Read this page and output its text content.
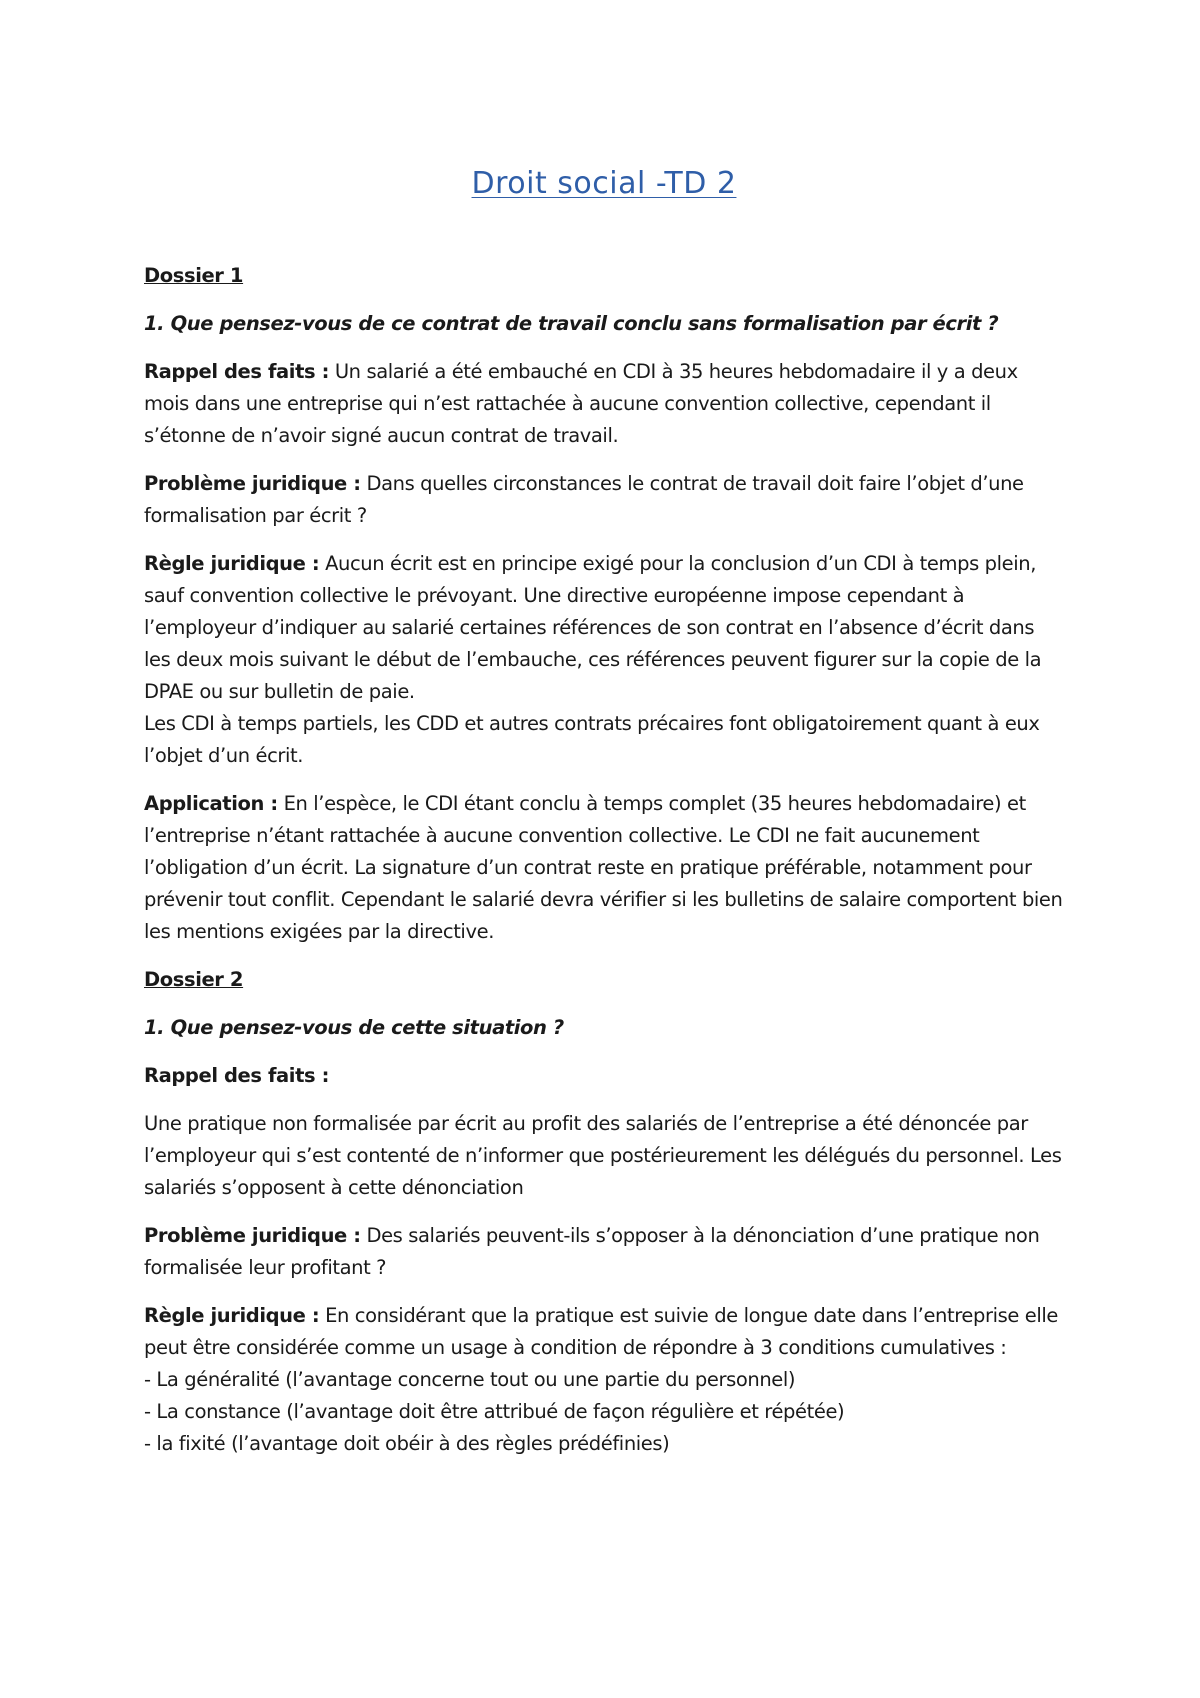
Droit social -TD 2

Dossier 1

1. Que pensez-vous de ce contrat de travail conclu sans formalisation par écrit ?

Rappel des faits : Un salarié a été embauché en CDI à 35 heures hebdomadaire il y a deux mois dans une entreprise qui n’est rattachée à aucune convention collective, cependant il s’étonne de n’avoir signé aucun contrat de travail.

Problème juridique : Dans quelles circonstances le contrat de travail doit faire l’objet d’une formalisation par écrit ?

Règle juridique : Aucun écrit est en principe exigé pour la conclusion d’un CDI à temps plein, sauf convention collective le prévoyant. Une directive européenne impose cependant à l’employeur d’indiquer au salarié certaines références de son contrat en l’absence d’écrit dans les deux mois suivant le début de l’embauche, ces références peuvent figurer sur la copie de la DPAE ou sur bulletin de paie.
Les CDI à temps partiels, les CDD et autres contrats précaires font obligatoirement quant à eux l’objet d’un écrit.

Application : En l’espèce, le CDI étant conclu à temps complet (35 heures hebdomadaire) et l’entreprise n’étant rattachée à aucune convention collective. Le CDI ne fait aucunement l’obligation d’un écrit. La signature d’un contrat reste en pratique préférable, notamment pour prévenir tout conflit. Cependant le salarié devra vérifier si les bulletins de salaire comportent bien les mentions exigées par la directive.

Dossier 2

1. Que pensez-vous de cette situation ?

Rappel des faits :

Une pratique non formalisée par écrit au profit des salariés de l’entreprise a été dénoncée par l’employeur qui s’est contenté de n’informer que postérieurement les délégués du personnel. Les salariés s’opposent à cette dénonciation

Problème juridique : Des salariés peuvent-ils s’opposer à la dénonciation d’une pratique non formalisée leur profitant ?

Règle juridique : En considérant que la pratique est suivie de longue date dans l’entreprise elle peut être considérée comme un usage à condition de répondre à 3 conditions cumulatives :

- La généralité (l’avantage concerne tout ou une partie du personnel)
- La constance (l’avantage doit être attribué de façon régulière et répétée)
- la fixité (l’avantage doit obéir à des règles prédéfinies)
